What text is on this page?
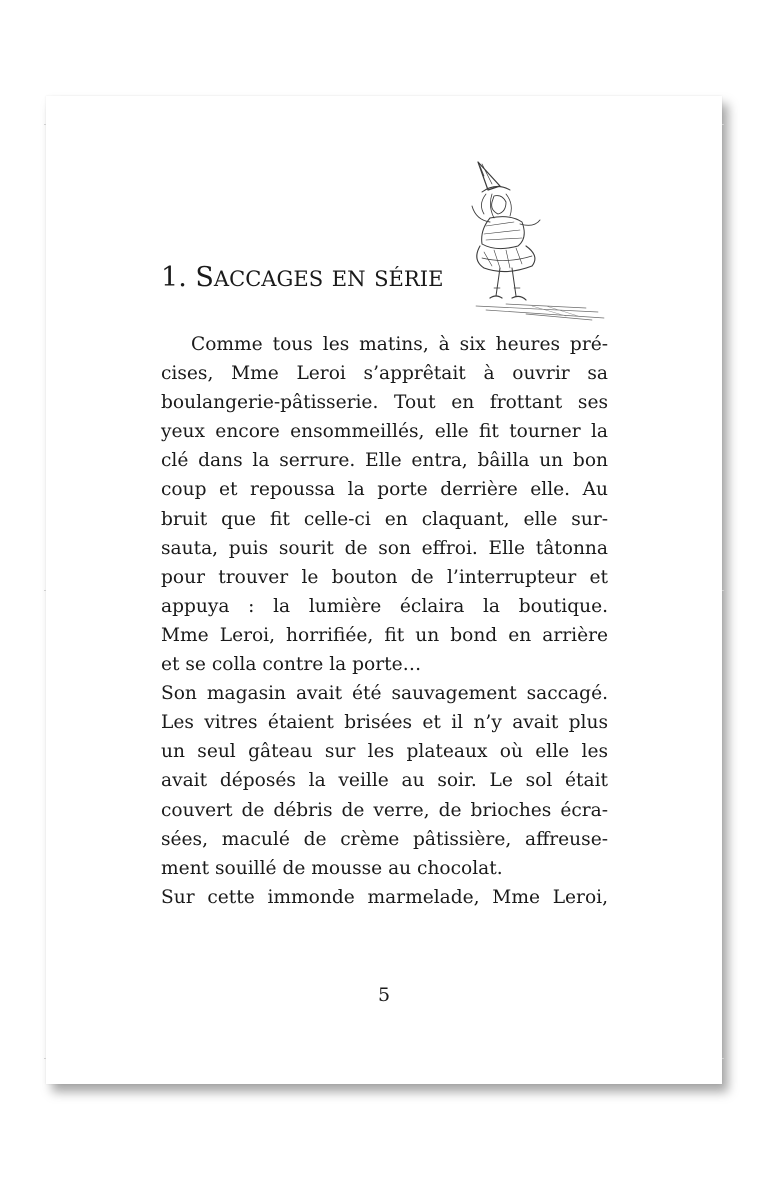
1. SACCAGES EN SÉRIE
Comme tous les matins, à six heures pré-
cises, Mme Leroi s’apprêtait à ouvrir sa
boulangerie-pâtisserie. Tout en frottant ses
yeux encore ensommeillés, elle fit tourner la
clé dans la serrure. Elle entra, bâilla un bon
coup et repoussa la porte derrière elle. Au
bruit que fit celle-ci en claquant, elle sur-
sauta, puis sourit de son effroi. Elle tâtonna
pour trouver le bouton de l’interrupteur et
appuya : la lumière éclaira la boutique.
Mme Leroi, horrifiée, fit un bond en arrière
et se colla contre la porte…
Son magasin avait été sauvagement saccagé.
Les vitres étaient brisées et il n’y avait plus
un seul gâteau sur les plateaux où elle les
avait déposés la veille au soir. Le sol était
couvert de débris de verre, de brioches écra-
sées, maculé de crème pâtissière, affreuse-
ment souillé de mousse au chocolat.
Sur cette immonde marmelade, Mme Leroi,
5
